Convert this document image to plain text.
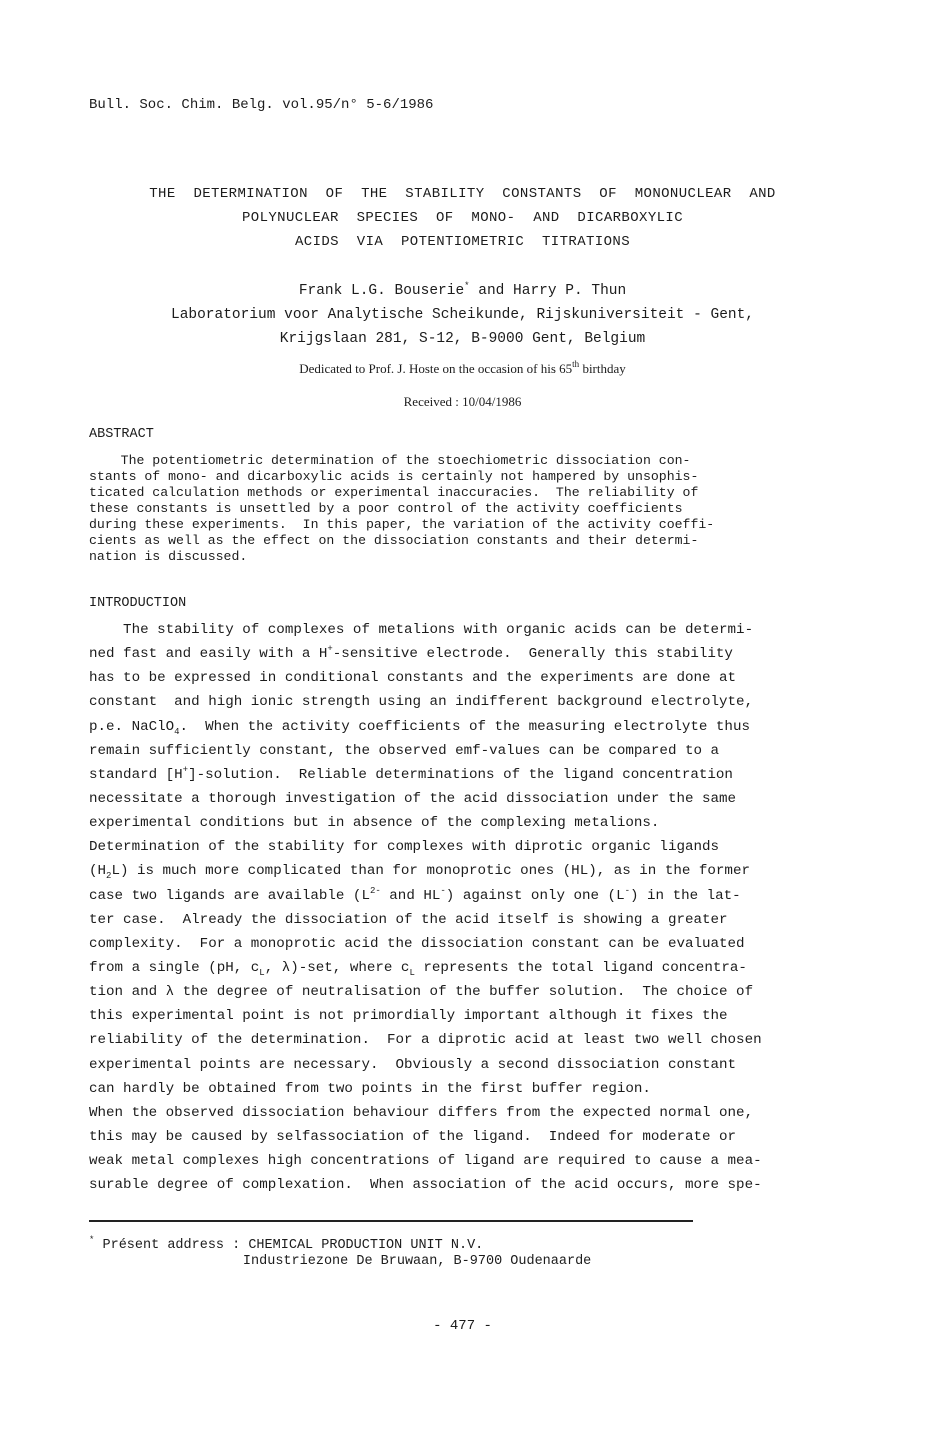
Bull. Soc. Chim. Belg. vol.95/n° 5-6/1986
THE DETERMINATION OF THE STABILITY CONSTANTS OF MONONUCLEAR AND
POLYNUCLEAR SPECIES OF MONO- AND DICARBOXYLIC
ACIDS VIA POTENTIOMETRIC TITRATIONS
Frank L.G. Bouserie* and Harry P. Thun
Laboratorium voor Analytische Scheikunde, Rijskuniversiteit - Gent,
Krijgslaan 281, S-12, B-9000 Gent, Belgium
Dedicated to Prof. J. Hoste on the occasion of his 65th birthday
Received : 10/04/1986
ABSTRACT
The potentiometric determination of the stoechiometric dissociation con-
stants of mono- and dicarboxylic acids is certainly not hampered by unsophis-
ticated calculation methods or experimental inaccuracies.  The reliability of
these constants is unsettled by a poor control of the activity coefficients
during these experiments.  In this paper, the variation of the activity coeffi-
cients as well as the effect on the dissociation constants and their determi-
nation is discussed.
INTRODUCTION
The stability of complexes of metalions with organic acids can be determi-
ned fast and easily with a H+-sensitive electrode.  Generally this stability
has to be expressed in conditional constants and the experiments are done at
constant  and high ionic strength using an indifferent background electrolyte,
p.e. NaClO$_4$.  When the activity coefficients of the measuring electrolyte thus
remain sufficiently constant, the observed emf-values can be compared to a
standard [H+]-solution.  Reliable determinations of the ligand concentration
necessitate a thorough investigation of the acid dissociation under the same
experimental conditions but in absence of the complexing metalions.
Determination of the stability for complexes with diprotic organic ligands
$(H_2L)$ is much more complicated than for monoprotic ones (HL), as in the former
case two ligands are available ($L^{2-}$ and HL-) against only one (L-) in the lat-
ter case.  Already the dissociation of the acid itself is showing a greater
complexity.  For a monoprotic acid the dissociation constant can be evaluated
from a single (pH, $c_L$, λ)-set, where $c_L$ represents the total ligand concentra-
tion and λ the degree of neutralisation of the buffer solution.  The choice of
this experimental point is not primordially important although it fixes the
reliability of the determination.  For a diprotic acid at least two well chosen
experimental points are necessary.  Obviously a second dissociation constant
can hardly be obtained from two points in the first buffer region.
When the observed dissociation behaviour differs from the expected normal one,
this may be caused by selfassociation of the ligand.  Indeed for moderate or
weak metal complexes high concentrations of ligand are required to cause a mea-
surable degree of complexation.  When association of the acid occurs, more spe-
* Présent address : CHEMICAL PRODUCTION UNIT N.V.
Industriezone De Bruwaan, B-9700 Oudenaarde
- 477 -
